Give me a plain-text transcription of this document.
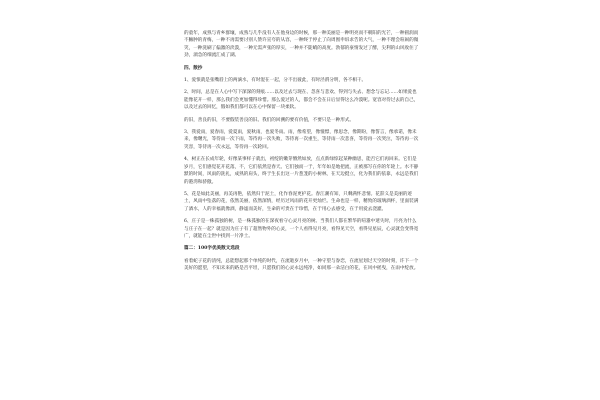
的童年，成熟与青乡群壤，成熟与几乎没有人在他身边的时候，那一种美丽是一种明亮而不朝阳的光芒，一种圆润而不臃肿的青梅，一种不再需要讨别人赞许宣夸的从容，一种终于停止了向周围申诉求告的大气，一种不理会喧闹的微笑，一种洗刷了偏激的淡漠，一种无需声张的厚实，一种并不陡峭的高度。勃郁的豪情发过了酵，尖利的山风收住了劲，湍急的细流汇成了湖。

四、散抄

1、爱恨就是张嘴唇上的两滴水，有时混在一起，分不出彼此，有时泾渭分明，各不相干。

2、时间，总是在人心中写下深深的刻痕……以及过去与现在、忽喜与悲欢、得到与失去、想念与忘记……如果爱也能像花开一样，那么我们会更加懂得珍惜。那么爱过的人，都会不会在日后显得这么冷漠呢。宽容对待过去的自己，以及过去的回忆，假如我们都可以在心中保留一块柔软。

的旧，善良的旧，不要假装善良的旧。我们的回溯的要有价值，不要只是一种形式。

3、我爱雨，爱春雨，爱夏雨，爱秋雨，也爱冬雨。雨，像希望，像憧憬，像思念，像期盼，像誓言，像承诺，像未来，像曙光，等待雨一次下雨，等待再一次失败，等待再一次重生，等待雨一次悲喜，等待再一次哭泣，等待再一次笑容，等待再一次永远，等待再一次轮回。

4、树正在长成年轮，好像某事样子就出，初绽的嫩芽懵然如放，点点新绿惊起某种幽思，能否它们再回来。它们是岁月，它们感觉花开花落，不，它们依然是春天。它们独而一于，年年如是地把流，正被那写在你的年轮上。水不静默的时间，风雨的洗礼，成熟的肩头，终于生长出这一片葱茏的小树林，在天边挺立，化为我们的依靠，永远是我们的港湾和骄傲。

5、花是如此美丽，再美再艳，依然归于泥土，化作春泥更护花。春江潮有知，只剩满怀悲情。花辞义是美丽的迹土，风雨中坠落的花，依然美丽，依然深情，经历过风雨的花开更灿烂。生命也是一样，精致的玻璃酒杯，里面装满了酒水，人的幸福就像酒，静谧而美好，生命的可贵在于珍惜，在于用心去感受，在于用爱去浇灌。

6、庄子是一株孤独的树，是一株孤独的在深夜看守心灵月亮的树。当我们人都在繁华的喧嚣中迷失时，月亮为什么与庄子在一起？就是因为庄子有了超然物外的心灵，一个人看得见月亮，看得见天空，看得见星辰，心灵就会变得宽广，就能在尘世中找到一片净土。

篇二：100字优美散文选段

看着蛇子花的清纯，总能想起那个单纯的时代，在流逝岁月中，一种守望与眷恋，在流星划过天空的时刻，许下一个美好的愿望，不知未来的路是否平坦，只愿我们的心灵永远纯净，如同那一朵洁白的花，在风中摇曳，在雨中绽放。
